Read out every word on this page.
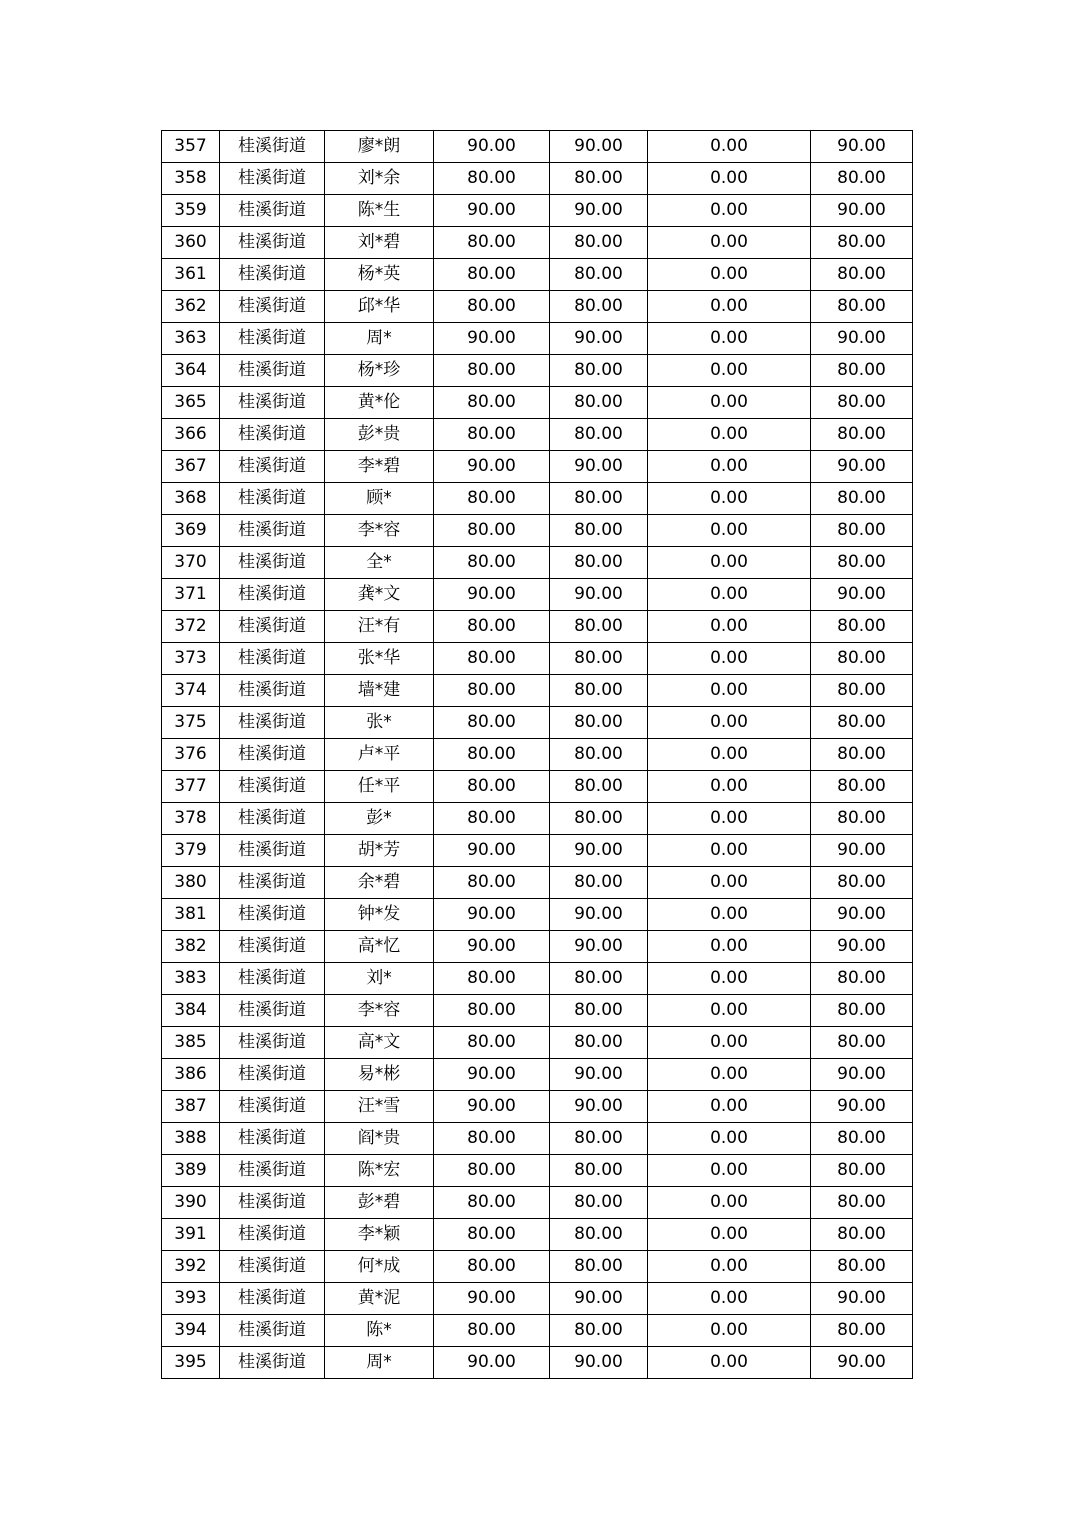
357	桂溪街道	廖*朗	90.00	90.00	0.00	90.00
358	桂溪街道	刘*余	80.00	80.00	0.00	80.00
359	桂溪街道	陈*生	90.00	90.00	0.00	90.00
360	桂溪街道	刘*碧	80.00	80.00	0.00	80.00
361	桂溪街道	杨*英	80.00	80.00	0.00	80.00
362	桂溪街道	邱*华	80.00	80.00	0.00	80.00
363	桂溪街道	周*	90.00	90.00	0.00	90.00
364	桂溪街道	杨*珍	80.00	80.00	0.00	80.00
365	桂溪街道	黄*伦	80.00	80.00	0.00	80.00
366	桂溪街道	彭*贵	80.00	80.00	0.00	80.00
367	桂溪街道	李*碧	90.00	90.00	0.00	90.00
368	桂溪街道	顾*	80.00	80.00	0.00	80.00
369	桂溪街道	李*容	80.00	80.00	0.00	80.00
370	桂溪街道	全*	80.00	80.00	0.00	80.00
371	桂溪街道	龚*文	90.00	90.00	0.00	90.00
372	桂溪街道	汪*有	80.00	80.00	0.00	80.00
373	桂溪街道	张*华	80.00	80.00	0.00	80.00
374	桂溪街道	墙*建	80.00	80.00	0.00	80.00
375	桂溪街道	张*	80.00	80.00	0.00	80.00
376	桂溪街道	卢*平	80.00	80.00	0.00	80.00
377	桂溪街道	任*平	80.00	80.00	0.00	80.00
378	桂溪街道	彭*	80.00	80.00	0.00	80.00
379	桂溪街道	胡*芳	90.00	90.00	0.00	90.00
380	桂溪街道	余*碧	80.00	80.00	0.00	80.00
381	桂溪街道	钟*发	90.00	90.00	0.00	90.00
382	桂溪街道	高*忆	90.00	90.00	0.00	90.00
383	桂溪街道	刘*	80.00	80.00	0.00	80.00
384	桂溪街道	李*容	80.00	80.00	0.00	80.00
385	桂溪街道	高*文	80.00	80.00	0.00	80.00
386	桂溪街道	易*彬	90.00	90.00	0.00	90.00
387	桂溪街道	汪*雪	90.00	90.00	0.00	90.00
388	桂溪街道	阎*贵	80.00	80.00	0.00	80.00
389	桂溪街道	陈*宏	80.00	80.00	0.00	80.00
390	桂溪街道	彭*碧	80.00	80.00	0.00	80.00
391	桂溪街道	李*颖	80.00	80.00	0.00	80.00
392	桂溪街道	何*成	80.00	80.00	0.00	80.00
393	桂溪街道	黄*泥	90.00	90.00	0.00	90.00
394	桂溪街道	陈*	80.00	80.00	0.00	80.00
395	桂溪街道	周*	90.00	90.00	0.00	90.00
